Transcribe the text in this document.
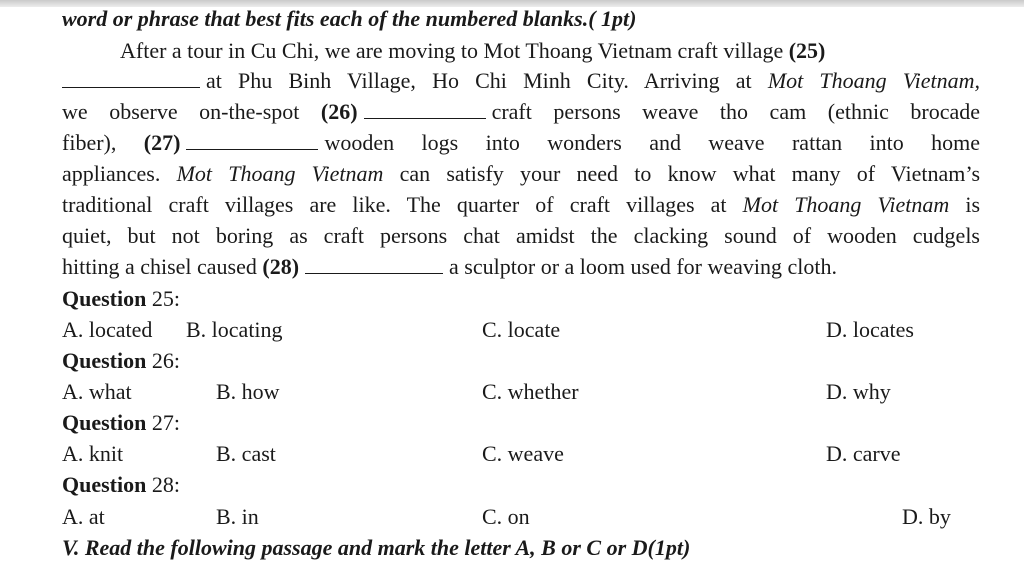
word or phrase that best fits each of the numbered blanks.( 1pt)
After a tour in Cu Chi, we are moving to Mot Thoang Vietnam craft village (25)
at Phu Binh Village, Ho Chi Minh City. Arriving at Mot Thoang Vietnam,
we observe on-the-spot (26)	craft persons weave tho cam (ethnic brocade
fiber), (27)	wooden logs into wonders and weave rattan into home
appliances. Mot Thoang Vietnam can satisfy your need to know what many of Vietnam’s
traditional craft villages are like. The quarter of craft villages at Mot Thoang Vietnam is
quiet, but not boring as craft persons chat amidst the clacking sound of wooden cudgels
hitting a chisel caused (28)	a sculptor or a loom used for weaving cloth.
Question 25:
A. located B. locating	C. locate	D. locates
Question 26:
A. what	B. how	C. whether	D. why
Question 27:
A. knit	B. cast	C. weave	D. carve
Question 28:
A. at	B. in	C. on	D. by
V. Read the following passage and mark the letter A, B or C or D(1pt)
